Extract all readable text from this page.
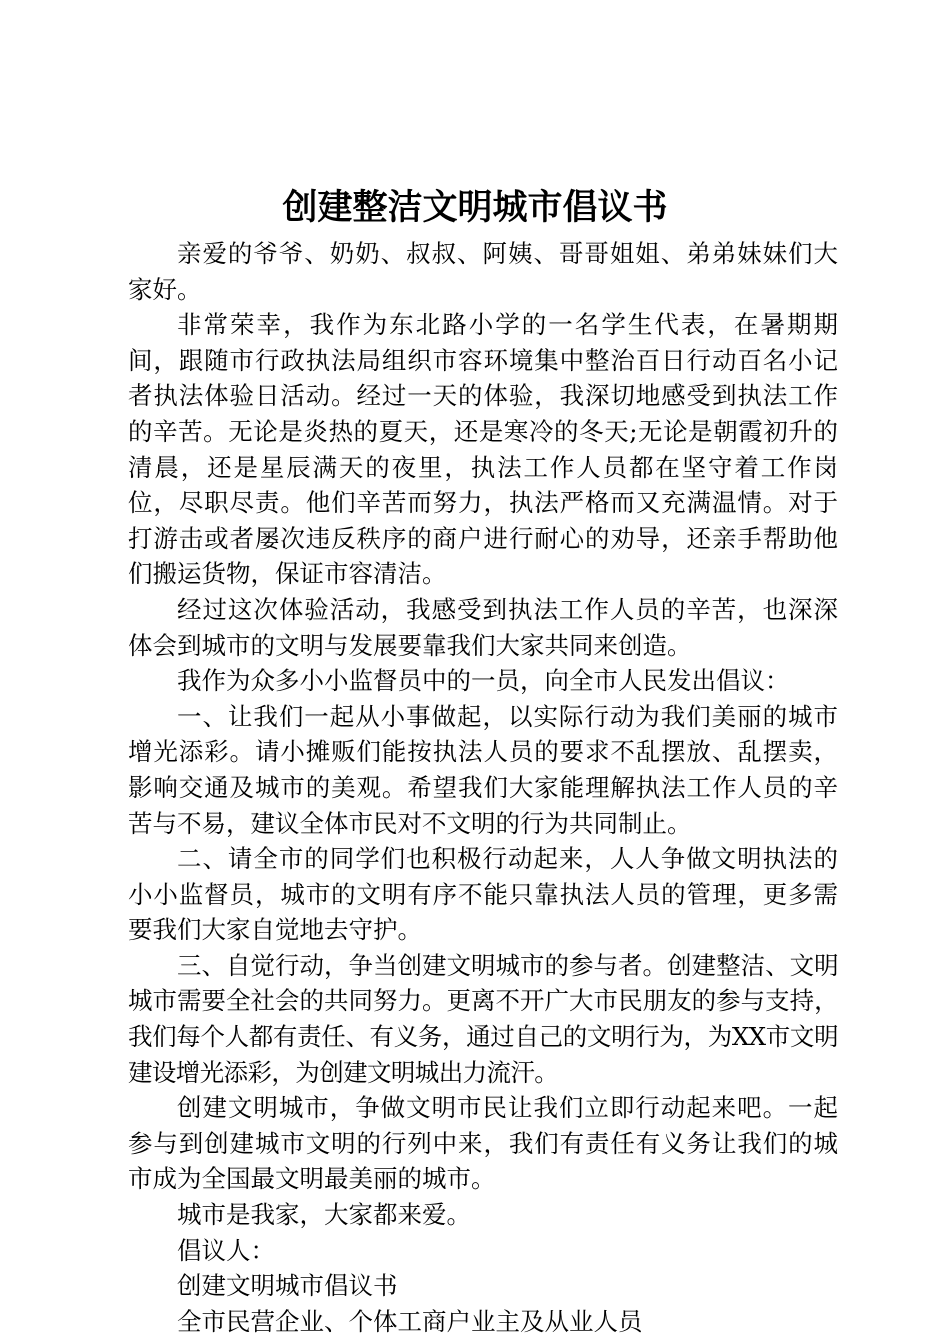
创建整洁文明城市倡议书

亲爱的爷爷、奶奶、叔叔、阿姨、哥哥姐姐、弟弟妹妹们大家好。

非常荣幸，我作为东北路小学的一名学生代表，在暑期期间，跟随市行政执法局组织市容环境集中整治百日行动百名小记者执法体验日活动。经过一天的体验，我深切地感受到执法工作的辛苦。无论是炎热的夏天，还是寒冷的冬天;无论是朝霞初升的清晨，还是星辰满天的夜里，执法工作人员都在坚守着工作岗位，尽职尽责。他们辛苦而努力，执法严格而又充满温情。对于打游击或者屡次违反秩序的商户进行耐心的劝导，还亲手帮助他们搬运货物，保证市容清洁。

经过这次体验活动，我感受到执法工作人员的辛苦，也深深体会到城市的文明与发展要靠我们大家共同来创造。

我作为众多小小监督员中的一员，向全市人民发出倡议：

一、让我们一起从小事做起，以实际行动为我们美丽的城市增光添彩。请小摊贩们能按执法人员的要求不乱摆放、乱摆卖，影响交通及城市的美观。希望我们大家能理解执法工作人员的辛苦与不易，建议全体市民对不文明的行为共同制止。

二、请全市的同学们也积极行动起来，人人争做文明执法的小小监督员，城市的文明有序不能只靠执法人员的管理，更多需要我们大家自觉地去守护。

三、自觉行动，争当创建文明城市的参与者。创建整洁、文明城市需要全社会的共同努力。更离不开广大市民朋友的参与支持，我们每个人都有责任、有义务，通过自己的文明行为，为XX市文明建设增光添彩，为创建文明城出力流汗。

创建文明城市，争做文明市民让我们立即行动起来吧。一起参与到创建城市文明的行列中来，我们有责任有义务让我们的城市成为全国最文明最美丽的城市。

城市是我家，大家都来爱。

倡议人：

创建文明城市倡议书

全市民营企业、个体工商户业主及从业人员
